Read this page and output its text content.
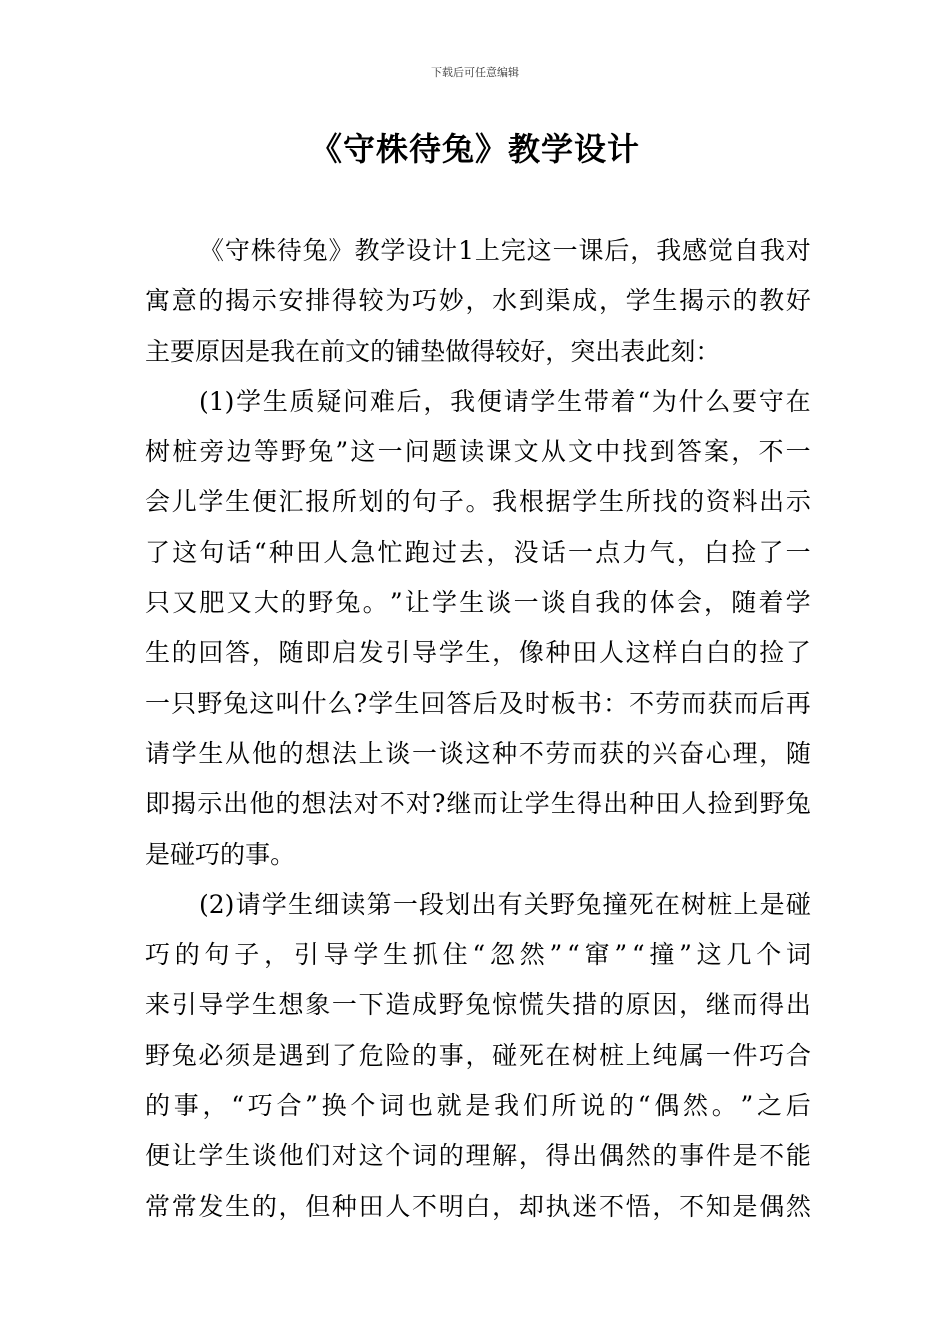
下载后可任意编辑
《守株待兔》教学设计
《 守 株 待 兔 》 教 学 设 计 1 上 完 这 一 课 后 ， 我 感 觉 自 我 对
寓 意 的 揭 示 安 排 得 较 为 巧 妙 ， 水 到 渠 成 ， 学 生 揭 示 的 教 好
主 要 原 因 是 我 在 前 文 的 铺 垫 做 得 较 好 ， 突 出 表 此 刻 ：
(1) 学 生 质 疑 问 难 后 ， 我 便 请 学 生 带 着 “ 为 什 么 要 守 在
树 桩 旁 边 等 野 兔 ” 这 一 问 题 读 课 文 从 文 中 找 到 答 案 ， 不 一
会 儿 学 生 便 汇 报 所 划 的 句 子 。 我 根 据 学 生 所 找 的 资 料 出 示
了 这 句 话 “ 种 田 人 急 忙 跑 过 去 ， 没 话 一 点 力 气 ， 白 捡 了 一
只 又 肥 又 大 的 野 兔 。 ” 让 学 生 谈 一 谈 自 我 的 体 会 ， 随 着 学
生 的 回 答 ， 随 即 启 发 引 导 学 生 ， 像 种 田 人 这 样 白 白 的 捡 了
一 只 野 兔 这 叫 什 么 ? 学 生 回 答 后 及 时 板 书 ： 不 劳 而 获 而 后 再
请 学 生 从 他 的 想 法 上 谈 一 谈 这 种 不 劳 而 获 的 兴 奋 心 理 ， 随
即 揭 示 出 他 的 想 法 对 不 对 ? 继 而 让 学 生 得 出 种 田 人 捡 到 野 兔
是 碰 巧 的 事 。
(2) 请 学 生 细 读 第 一 段 划 出 有 关 野 兔 撞 死 在 树 桩 上 是 碰
巧 的 句 子 ， 引 导 学 生 抓 住 “ 忽 然 ” “ 窜 ” “ 撞 ” 这 几 个 词
来 引 导 学 生 想 象 一 下 造 成 野 兔 惊 慌 失 措 的 原 因 ， 继 而 得 出
野 兔 必 须 是 遇 到 了 危 险 的 事 ， 碰 死 在 树 桩 上 纯 属 一 件 巧 合
的 事 ， “ 巧 合 ” 换 个 词 也 就 是 我 们 所 说 的 “ 偶 然 。 ” 之 后
便 让 学 生 谈 他 们 对 这 个 词 的 理 解 ， 得 出 偶 然 的 事 件 是 不 能
常 常 发 生 的 ， 但 种 田 人 不 明 白 ， 却 执 迷 不 悟 ， 不 知 是 偶 然
